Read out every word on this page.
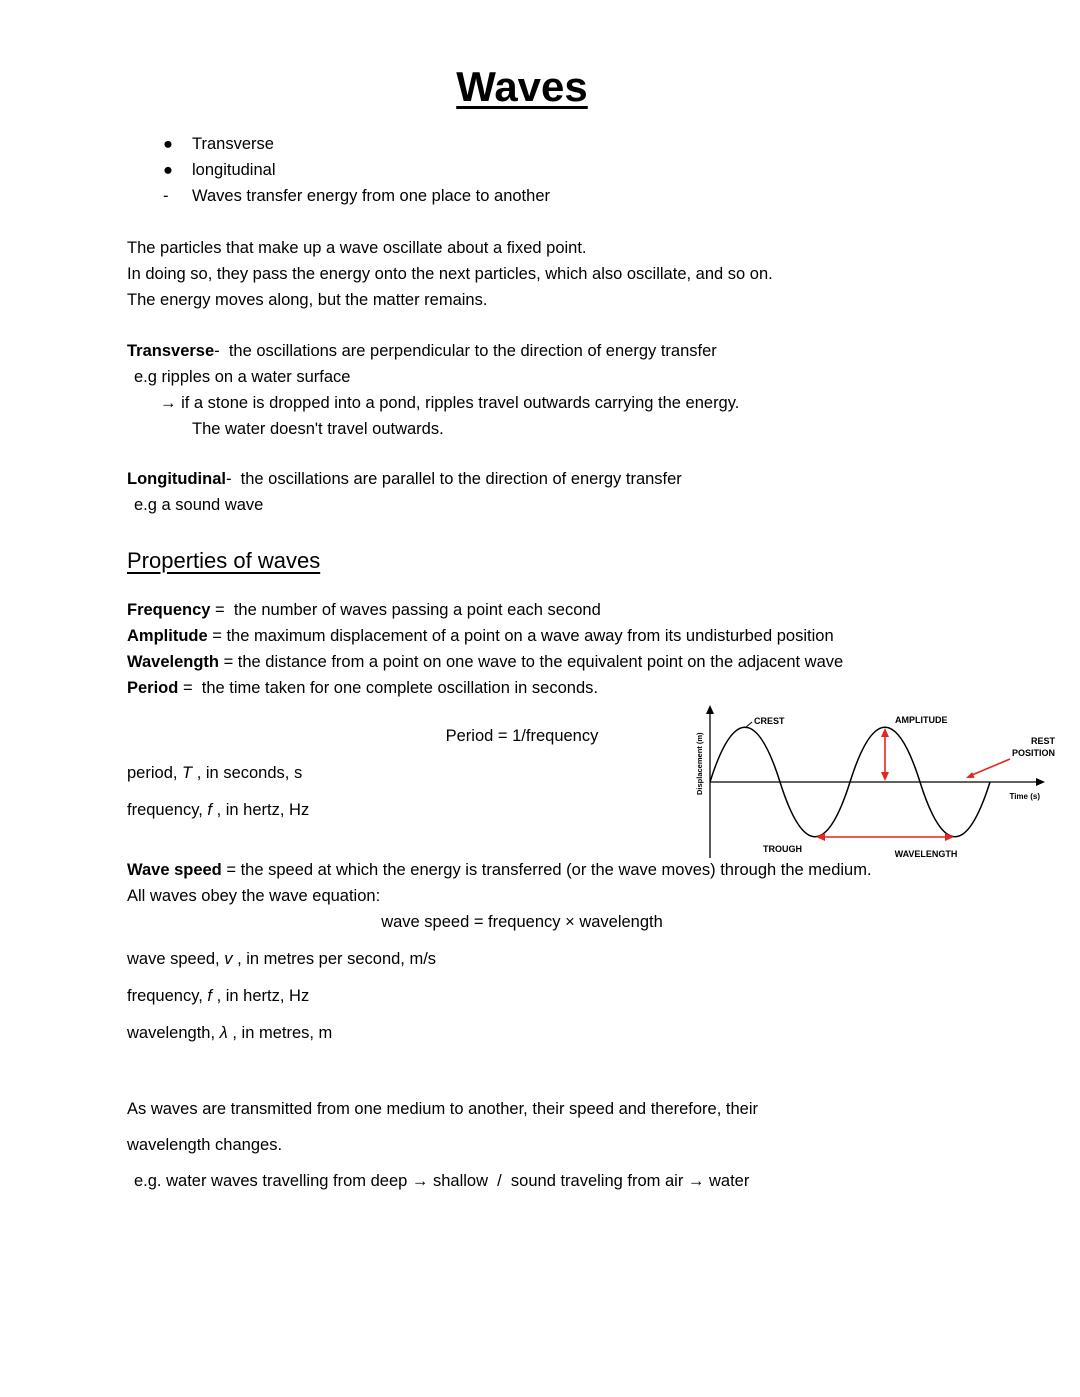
Waves
●	Transverse
●	longitudinal
-	Waves transfer energy from one place to another

The particles that make up a wave oscillate about a fixed point.

In doing so, they pass the energy onto the next particles, which also oscillate, and so on.

The energy moves along, but the matter remains.

Transverse-  the oscillations are perpendicular to the direction of energy transfer

e.g ripples on a water surface

→ if a stone is dropped into a pond, ripples travel outwards carrying the energy.

The water doesn't travel outwards.

Longitudinal-  the oscillations are parallel to the direction of energy transfer

e.g a sound wave

Properties of waves

Frequency =  the number of waves passing a point each second

Amplitude = the maximum displacement of a point on a wave away from its undisturbed position

Wavelength = the distance from a point on one wave to the equivalent point on the adjacent wave

Period =  the time taken for one complete oscillation in seconds.

Period = 1/frequency

period, T , in seconds, s

frequency, f , in hertz, Hz

Wave speed = the speed at which the energy is transferred (or the wave moves) through the medium.

All waves obey the wave equation:

wave speed = frequency × wavelength

wave speed, v , in metres per second, m/s

frequency, f , in hertz, Hz

wavelength, λ , in metres, m

As waves are transmitted from one medium to another, their speed and therefore, their

wavelength changes.

e.g. water waves travelling from deep → shallow  /  sound traveling from air → water

CREST
TROUGH
AMPLITUDE
WAVELENGTH
REST
POSITION
Time (s)
Displacement (m)
